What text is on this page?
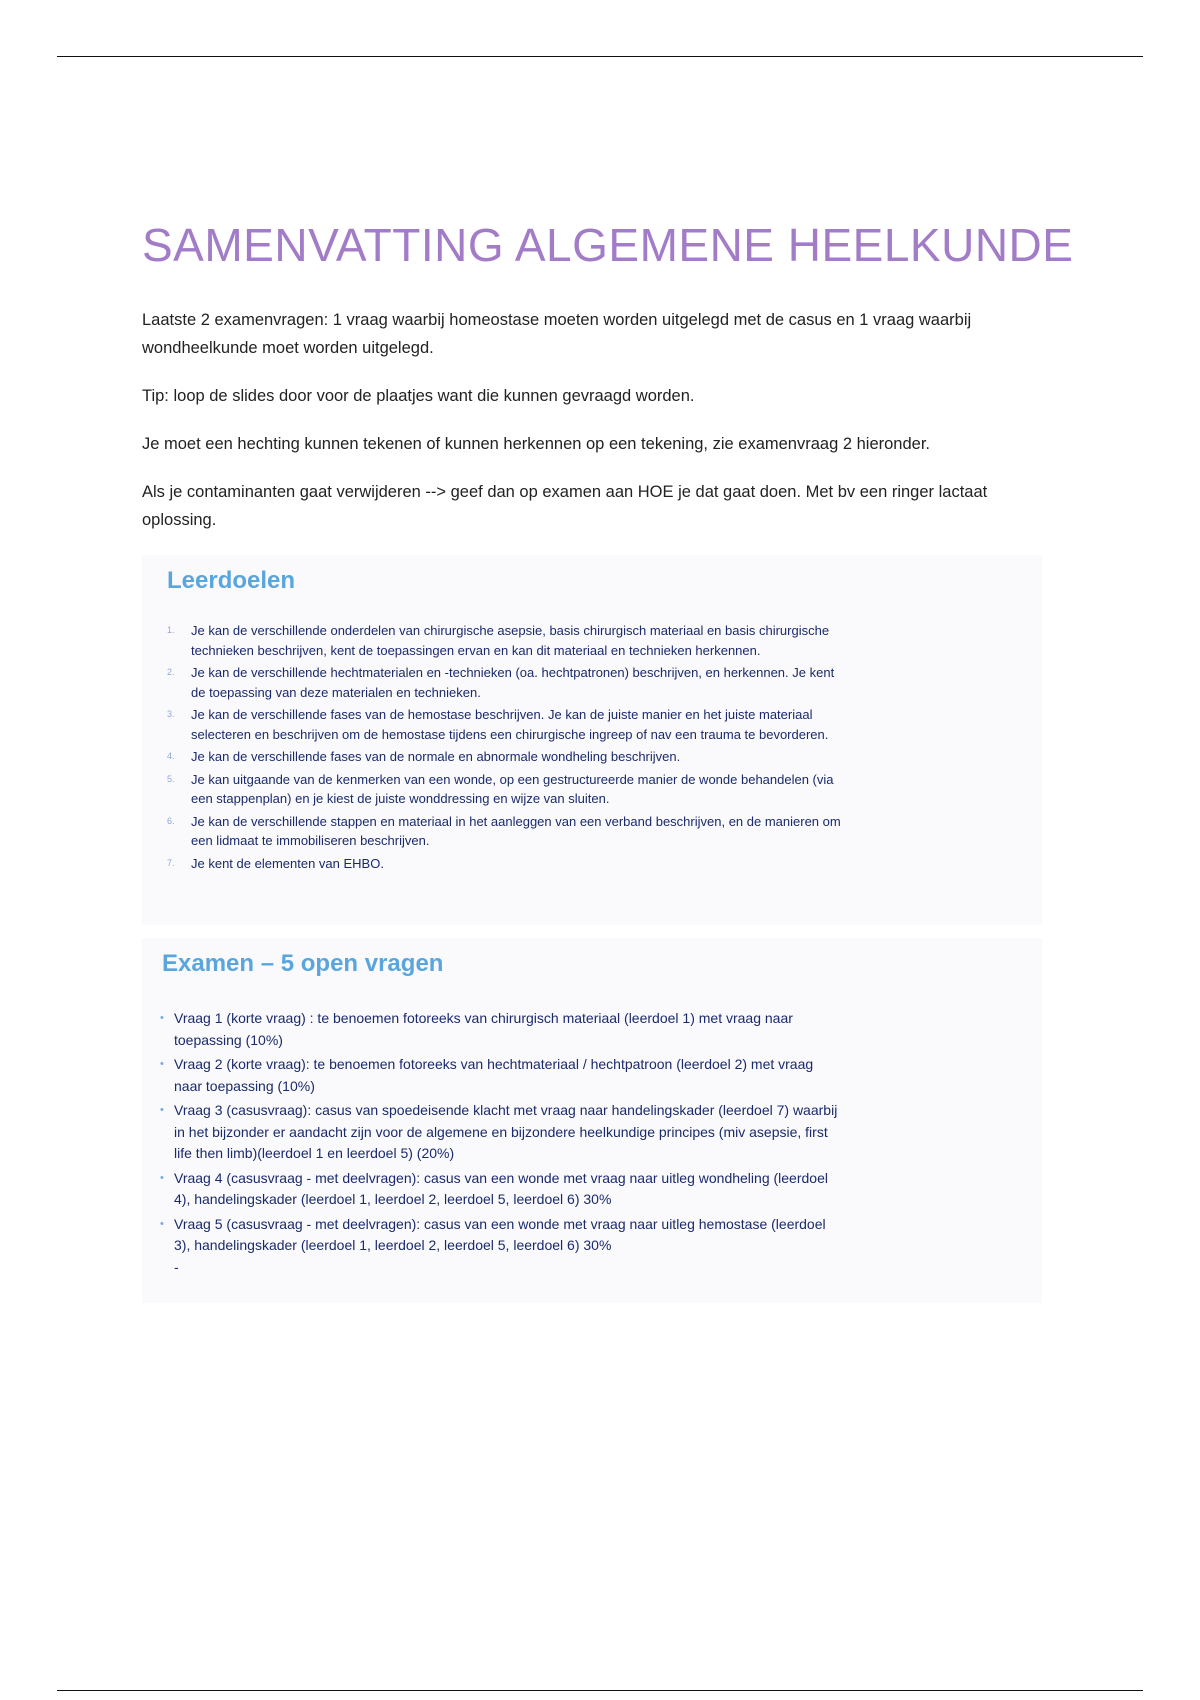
SAMENVATTING ALGEMENE HEELKUNDE

Laatste 2 examenvragen: 1 vraag waarbij homeostase moeten worden uitgelegd met de casus en 1 vraag waarbij wondheelkunde moet worden uitgelegd.

Tip: loop de slides door voor de plaatjes want die kunnen gevraagd worden.

Je moet een hechting kunnen tekenen of kunnen herkennen op een tekening, zie examenvraag 2 hieronder.

Als je contaminanten gaat verwijderen --> geef dan op examen aan HOE je dat gaat doen. Met bv een ringer lactaat oplossing.

Leerdoelen
1. Je kan de verschillende onderdelen van chirurgische asepsie, basis chirurgisch materiaal en basis chirurgische technieken beschrijven, kent de toepassingen ervan en kan dit materiaal en technieken herkennen.
2. Je kan de verschillende hechtmaterialen en -technieken (oa. hechtpatronen) beschrijven, en herkennen. Je kent de toepassing van deze materialen en technieken.
3. Je kan de verschillende fases van de hemostase beschrijven. Je kan de juiste manier en het juiste materiaal selecteren en beschrijven om de hemostase tijdens een chirurgische ingreep of nav een trauma te bevorderen.
4. Je kan de verschillende fases van de normale en abnormale wondheling beschrijven.
5. Je kan uitgaande van de kenmerken van een wonde, op een gestructureerde manier de wonde behandelen (via een stappenplan) en je kiest de juiste wonddressing en wijze van sluiten.
6. Je kan de verschillende stappen en materiaal in het aanleggen van een verband beschrijven, en de manieren om een lidmaat te immobiliseren beschrijven.
7. Je kent de elementen van EHBO.
Examen – 5 open vragen
• Vraag 1 (korte vraag) : te benoemen fotoreeks van chirurgisch materiaal (leerdoel 1) met vraag naar toepassing (10%)
• Vraag 2 (korte vraag): te benoemen fotoreeks van hechtmateriaal / hechtpatroon (leerdoel 2) met vraag naar toepassing (10%)
• Vraag 3 (casusvraag): casus van spoedeisende klacht met vraag naar handelingskader (leerdoel 7) waarbij in het bijzonder er aandacht zijn voor de algemene en bijzondere heelkundige principes (miv asepsie, first life then limb)(leerdoel 1 en leerdoel 5) (20%)
• Vraag 4 (casusvraag - met deelvragen): casus van een wonde met vraag naar uitleg wondheling (leerdoel 4), handelingskader (leerdoel 1, leerdoel 2, leerdoel 5, leerdoel 6) 30%
• Vraag 5 (casusvraag - met deelvragen): casus van een wonde met vraag naar uitleg hemostase (leerdoel 3), handelingskader (leerdoel 1, leerdoel 2, leerdoel 5, leerdoel 6) 30%
-
